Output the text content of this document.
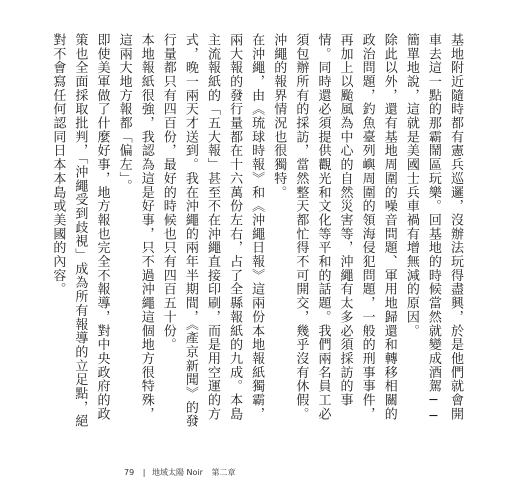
基地附近隨時都有憲兵巡邏，沒辦法玩得盡興，於是他們就會開車去這一點的那霸鬧區玩樂。回基地的時候當然就變成酒駕──簡單地說，這就是美國士兵車禍有增無減的原因。

除此以外，還有基地周圍的噪音問題、軍用地歸還和轉移相關的政治問題，釣魚臺列嶼周圍的領海侵犯問題，一般的刑事事件，再加上以颱風為中心的自然災害等，沖繩有太多必須採訪的事情。同時還必須提供觀光和文化等平和的話題。我們兩名員工必須包辦所有的採訪，當然整天都忙得不可開交，幾乎沒有休假。

沖繩的報界情況也很獨特。

在沖繩，由《琉球時報》和《沖繩日報》這兩份本地報紙獨霸，兩大報的發行量都在十六萬份左右，占了全縣報紙的九成。本島主流報紙的「五大報」甚至不在沖繩直接印刷，而是用空運的方式，晚一兩天才送到。我在沖繩的兩年半期間，《產京新聞》的發行量都只有四百份，最好的時候也只有四百五十份。

本地報紙很強，我認為這是好事，只不過沖繩這個地方很特殊，這兩大地方報都「偏左」。

即使美軍做了什麼好事，地方報也完全不報導，對中央政府的政策也全面採取批判，「沖繩受到歧視」成為所有報導的立足點，絕對不會寫任何認同日本本島或美國的內容。

79 | 地域太陽 Noir 第二章
